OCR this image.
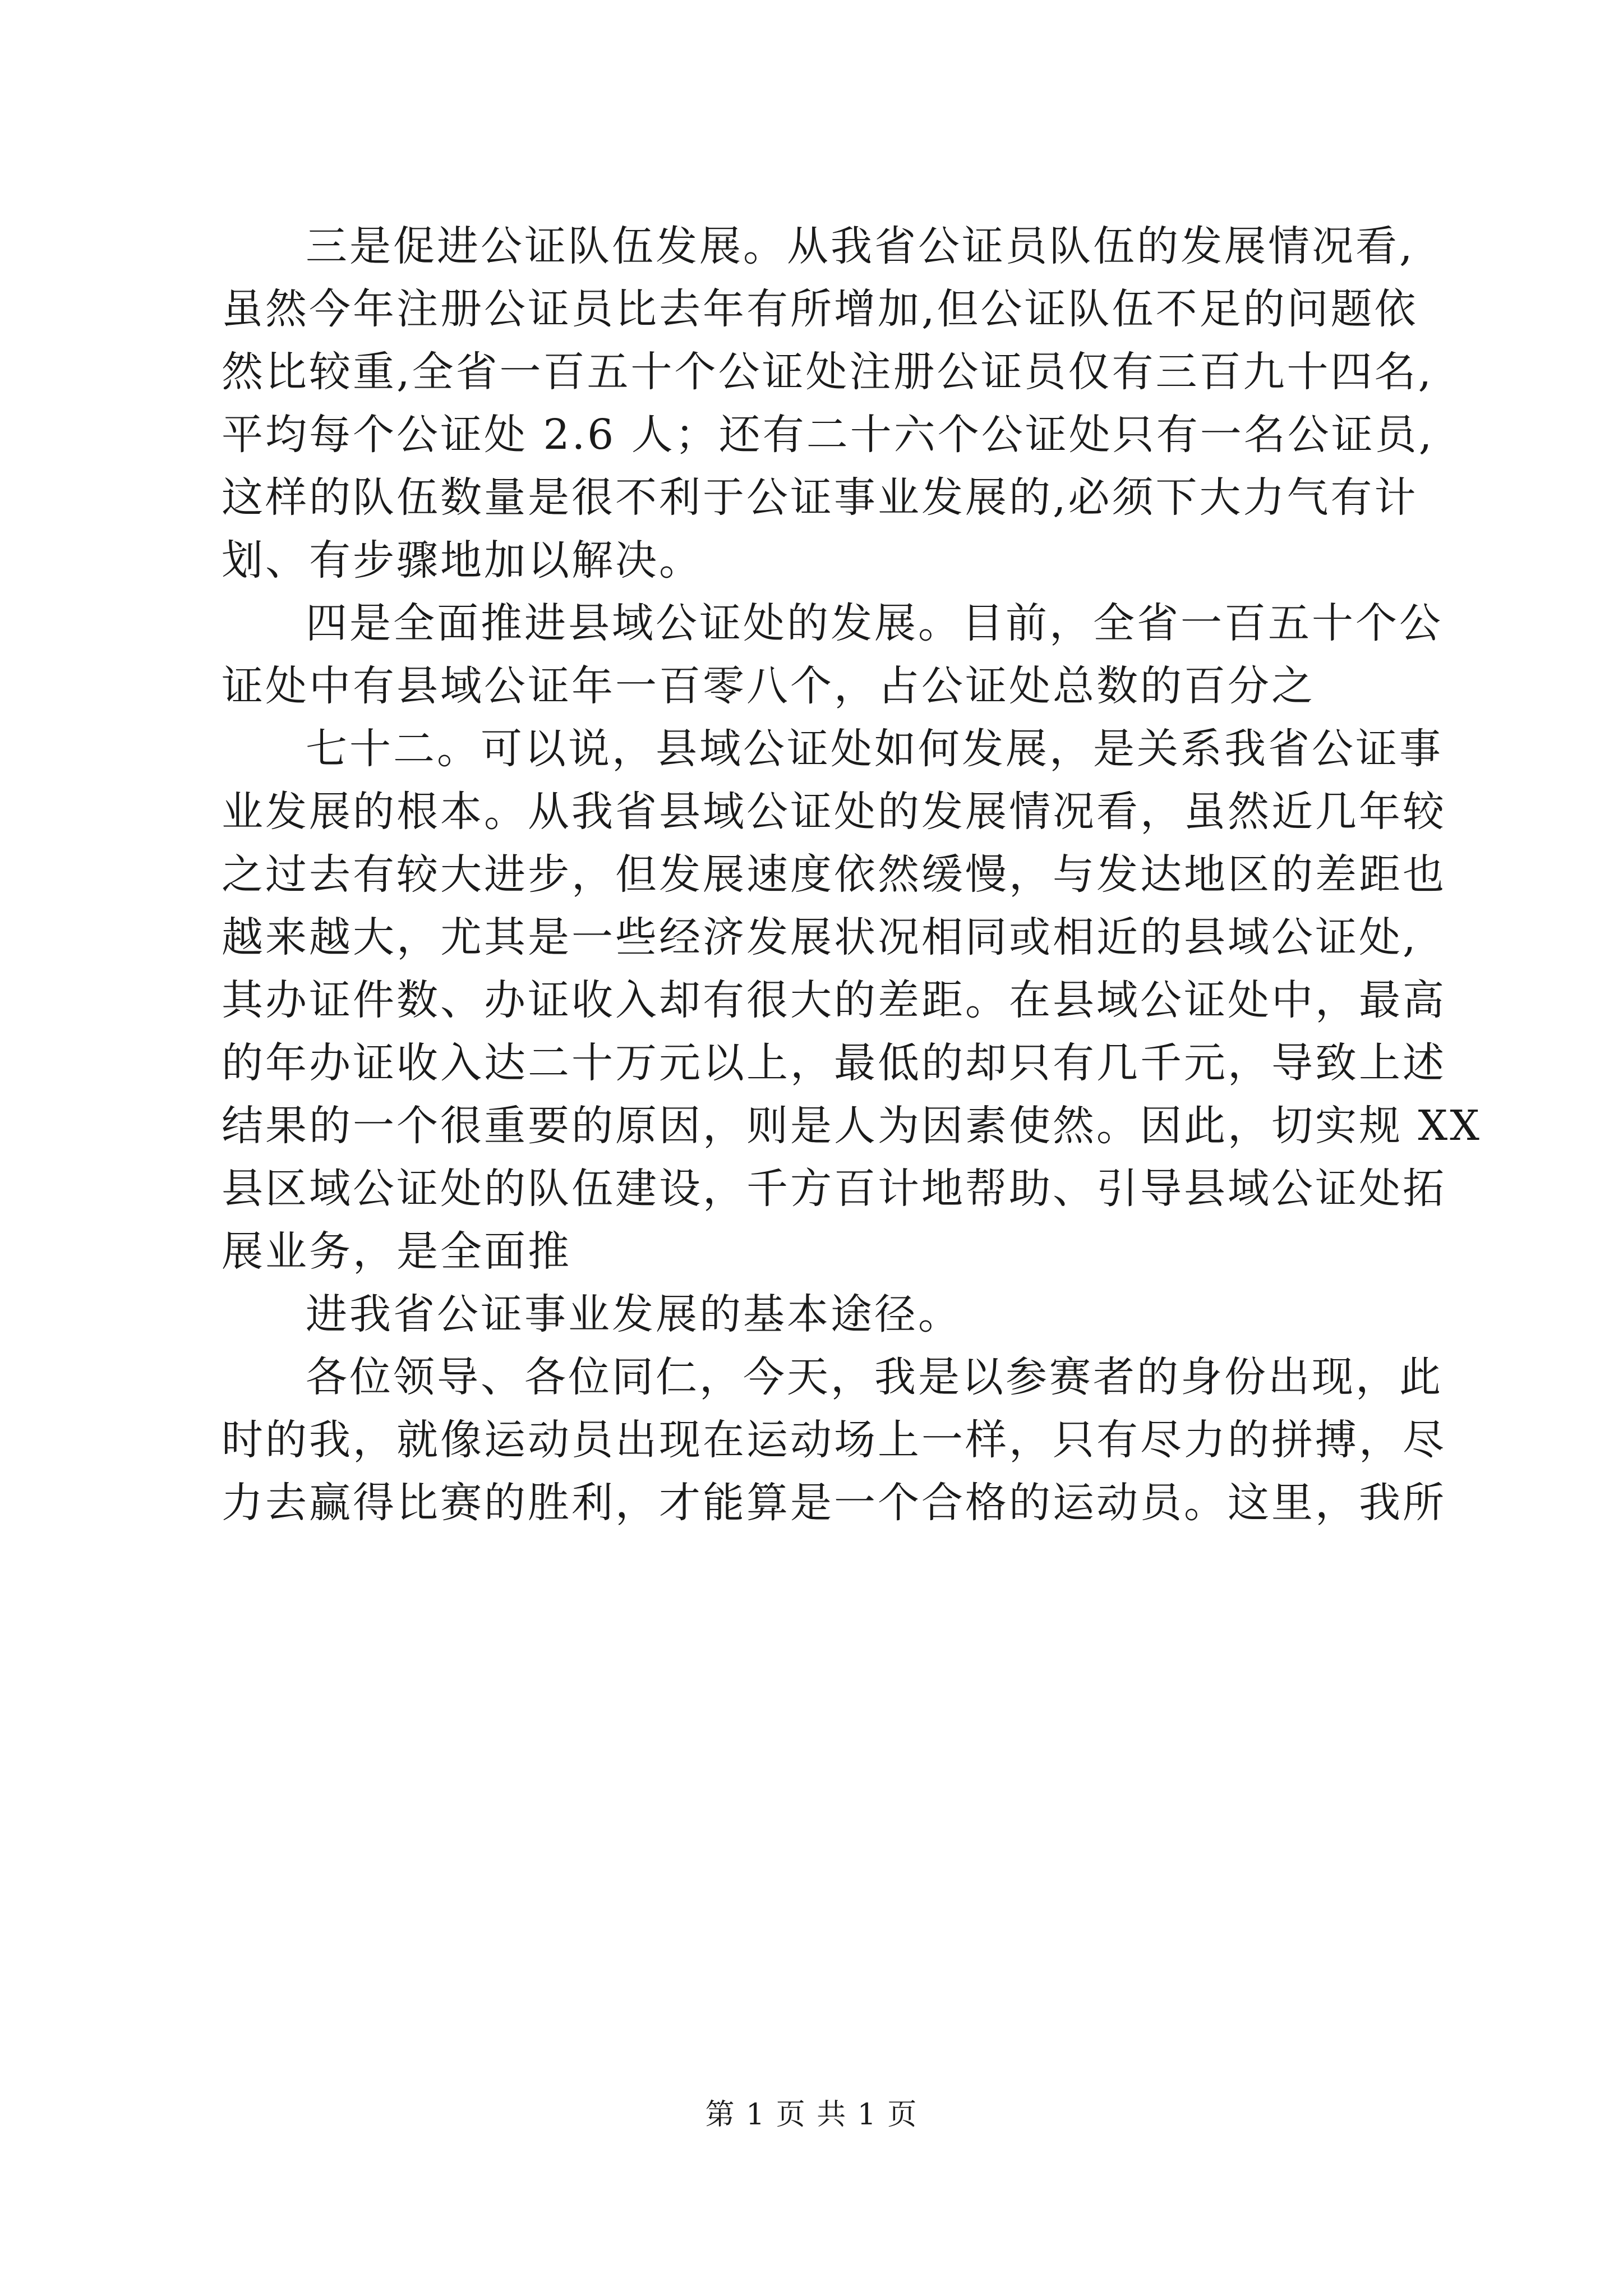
三是促进公证队伍发展。从我省公证员队伍的发展情况看,
虽然今年注册公证员比去年有所增加,但公证队伍不足的问题依
然比较重,全省一百五十个公证处注册公证员仅有三百九十四名,
平均每个公证处 2.6 人；还有二十六个公证处只有一名公证员,
这样的队伍数量是很不利于公证事业发展的,必须下大力气有计
划、有步骤地加以解决。
四是全面推进县域公证处的发展。目前，全省一百五十个公
证处中有县域公证年一百零八个，占公证处总数的百分之
七十二。可以说，县域公证处如何发展，是关系我省公证事
业发展的根本。从我省县域公证处的发展情况看，虽然近几年较
之过去有较大进步，但发展速度依然缓慢，与发达地区的差距也
越来越大，尤其是一些经济发展状况相同或相近的县域公证处,
其办证件数、办证收入却有很大的差距。在县域公证处中，最高
的年办证收入达二十万元以上，最低的却只有几千元，导致上述
结果的一个很重要的原因，则是人为因素使然。因此，切实规 XX
县区域公证处的队伍建设，千方百计地帮助、引导县域公证处拓
展业务，是全面推
进我省公证事业发展的基本途径。
各位领导、各位同仁，今天，我是以参赛者的身份出现，此
时的我，就像运动员出现在运动场上一样，只有尽力的拼搏，尽
力去赢得比赛的胜利，才能算是一个合格的运动员。这里，我所
第 1 页 共 1 页
